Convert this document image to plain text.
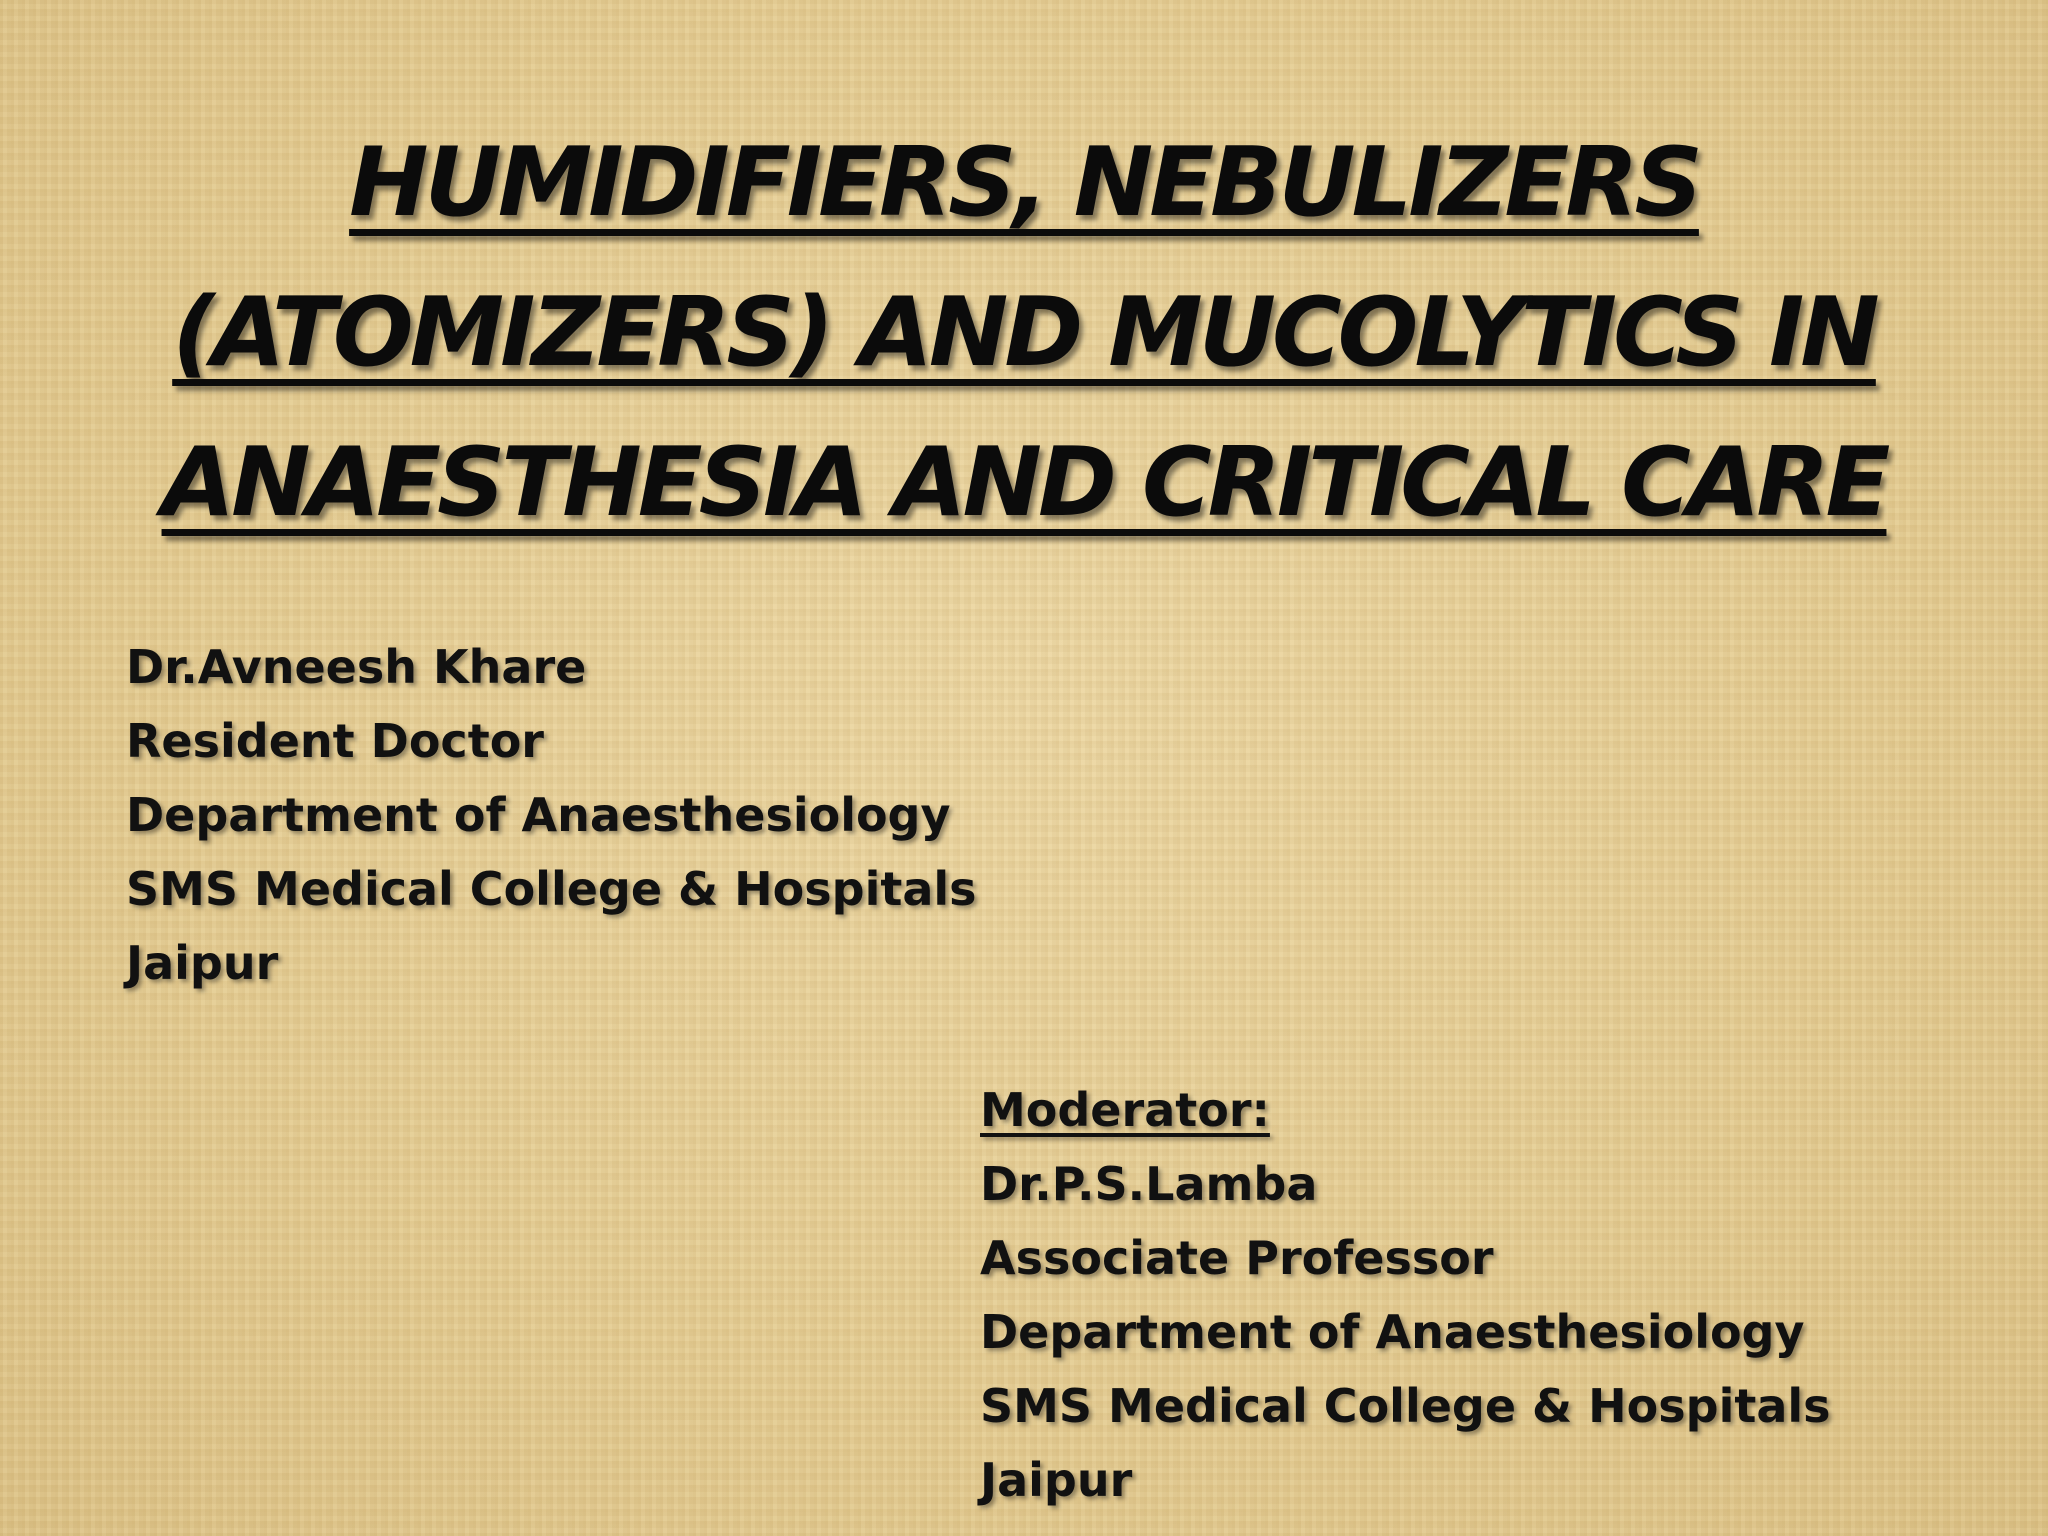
HUMIDIFIERS, NEBULIZERS
(ATOMIZERS) AND MUCOLYTICS IN
ANAESTHESIA AND CRITICAL CARE
Dr.Avneesh Khare
Resident Doctor
Department of Anaesthesiology
SMS Medical College & Hospitals
Jaipur
Moderator:
Dr.P.S.Lamba
Associate Professor
Department of Anaesthesiology
SMS Medical College & Hospitals
Jaipur
